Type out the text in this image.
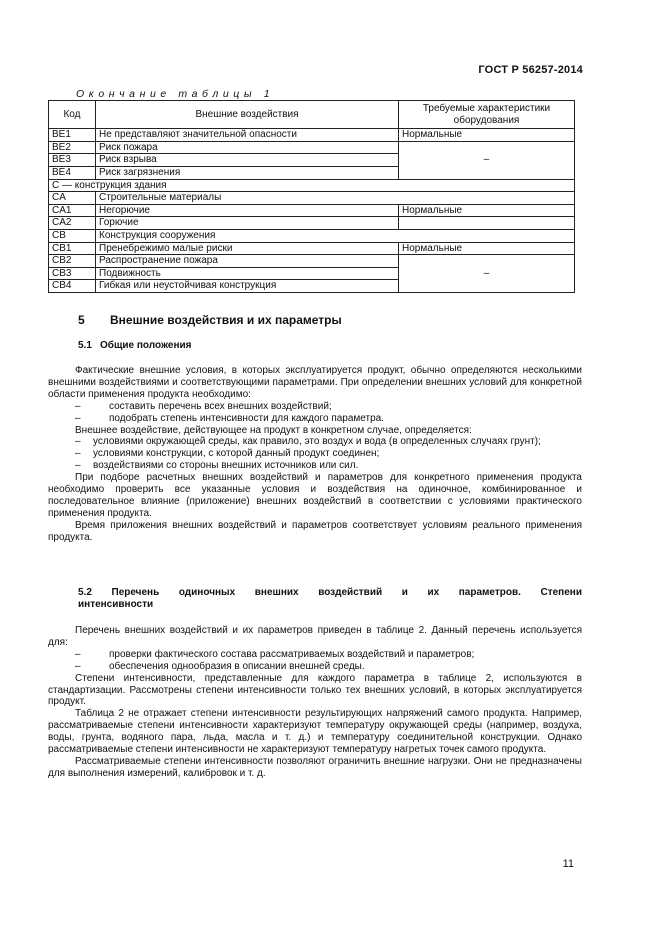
ГОСТ Р 56257-2014
Окончание таблицы 1
Код	Внешние воздействия	Требуемые характеристики оборудования
BE1	Не представляют значительной опасности	Нормальные
BE2	Риск пожара	–
BE3	Риск взрыва	
BE4	Риск загрязнения	
С — конструкция здания		
CA	Строительные материалы	
CA1	Негорючие	Нормальные
CA2	Горючие	
CB	Конструкция сооружения	
CB1	Пренебрежимо малые риски	Нормальные
CB2	Распространение пожара	–
CB3	Подвижность	
CB4	Гибкая или неустойчивая конструкция	
5 Внешние воздействия и их параметры
5.1 Общие положения
Фактические внешние условия, в которых эксплуатируется продукт, обычно определяются несколькими внешними воздействиями и соответствующими параметрами. При определении внешних условий для конкретной области применения продукта необходимо:
–	составить перечень всех внешних воздействий;
–	подобрать степень интенсивности для каждого параметра.
Внешнее воздействие, действующее на продукт в конкретном случае, определяется:
– условиями окружающей среды, как правило, это воздух и вода (в определенных случаях грунт);
– условиями конструкции, с которой данный продукт соединен;
– воздействиями со стороны внешних источников или сил.
При подборе расчетных внешних воздействий и параметров для конкретного применения продукта необходимо проверить все указанные условия и воздействия на одиночное, комбинированное и последовательное влияние (приложение) внешних воздействий в соответствии с условиями практического применения продукта.
Время приложения внешних воздействий и параметров соответствует условиям реального применения продукта.
5.2 Перечень одиночных внешних воздействий и их параметров. Степени
интенсивности
Перечень внешних воздействий и их параметров приведен в таблице 2. Данный перечень используется для:
–	проверки фактического состава рассматриваемых воздействий и параметров;
–	обеспечения однообразия в описании внешней среды.
Степени интенсивности, представленные для каждого параметра в таблице 2, используются в стандартизации. Рассмотрены степени интенсивности только тех внешних условий, в которых эксплуатируется продукт.
Таблица 2 не отражает степени интенсивности результирующих напряжений самого продукта. Например, рассматриваемые степени интенсивности характеризуют температуру окружающей среды (например, воздуха, воды, грунта, водяного пара, льда, масла и т. д.) и температуру соединительной конструкции. Однако рассматриваемые степени интенсивности не характеризуют температуру нагретых точек самого продукта.
Рассматриваемые степени интенсивности позволяют ограничить внешние нагрузки. Они не предназначены для выполнения измерений, калибровок и т. д.
11
